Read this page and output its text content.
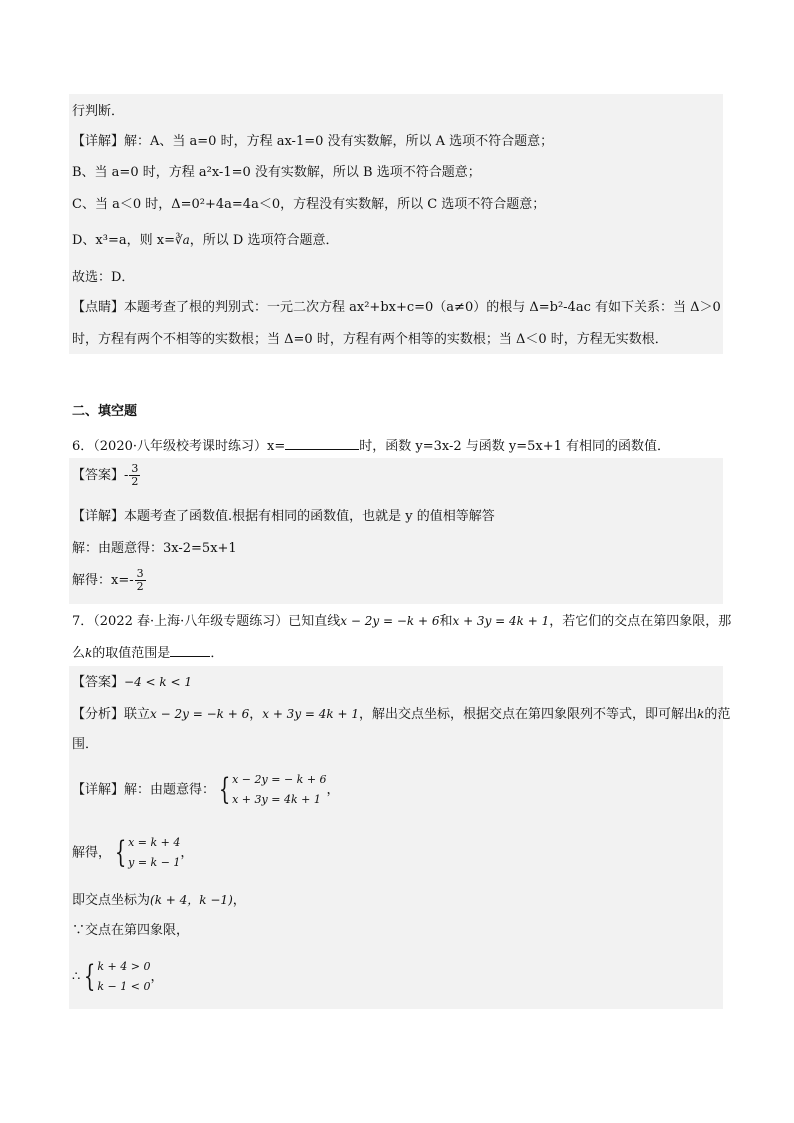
行判断．
【详解】解：A、当 a=0 时，方程 ax-1=0 没有实数解，所以 A 选项不符合题意；
B、当 a=0 时，方程 a²x-1=0 没有实数解，所以 B 选项不符合题意；
C、当 a＜0 时，Δ=0²+4a=4a＜0，方程没有实数解，所以 C 选项不符合题意；
D、x³=a，则 x=∛a，所以 D 选项符合题意．
故选：D．
【点睛】本题考查了根的判别式：一元二次方程 ax²+bx+c=0（a≠0）的根与 Δ=b²-4ac 有如下关系：当 Δ＞0
时，方程有两个不相等的实数根；当 Δ=0 时，方程有两个相等的实数根；当 Δ＜0 时，方程无实数根．
二、填空题
6．（2020·八年级校考课时练习）x=	时，函数 y=3x-2 与函数 y=5x+1 有相同的函数值．
【答案】- $\frac{3}{2}$
【详解】本题考查了函数值.根据有相同的函数值，也就是 y 的值相等解答
解：由题意得：3x-2=5x+1
解得：$x=- \frac{3}{2}$
7．（2022 春·上海·八年级专题练习）已知直线x − 2y = −k + 6和x + 3y = 4k + 1，若它们的交点在第四象限，那
么k的取值范围是	．
【答案】−4 < k < 1
【分析】联立x − 2y = −k + 6，x + 3y = 4k + 1，解出交点坐标，根据交点在第四象限列不等式，即可解出k的范
围．
【详解】解：由题意得： { x − 2y = − k + 6
x + 3y = 4k + 1
，
解得， { x = k + 4
y = k − 1
，
即交点坐标为(k + 4，k −1)，
∵交点在第四象限，
∴ { k + 4 > 0
k − 1 < 0
，
